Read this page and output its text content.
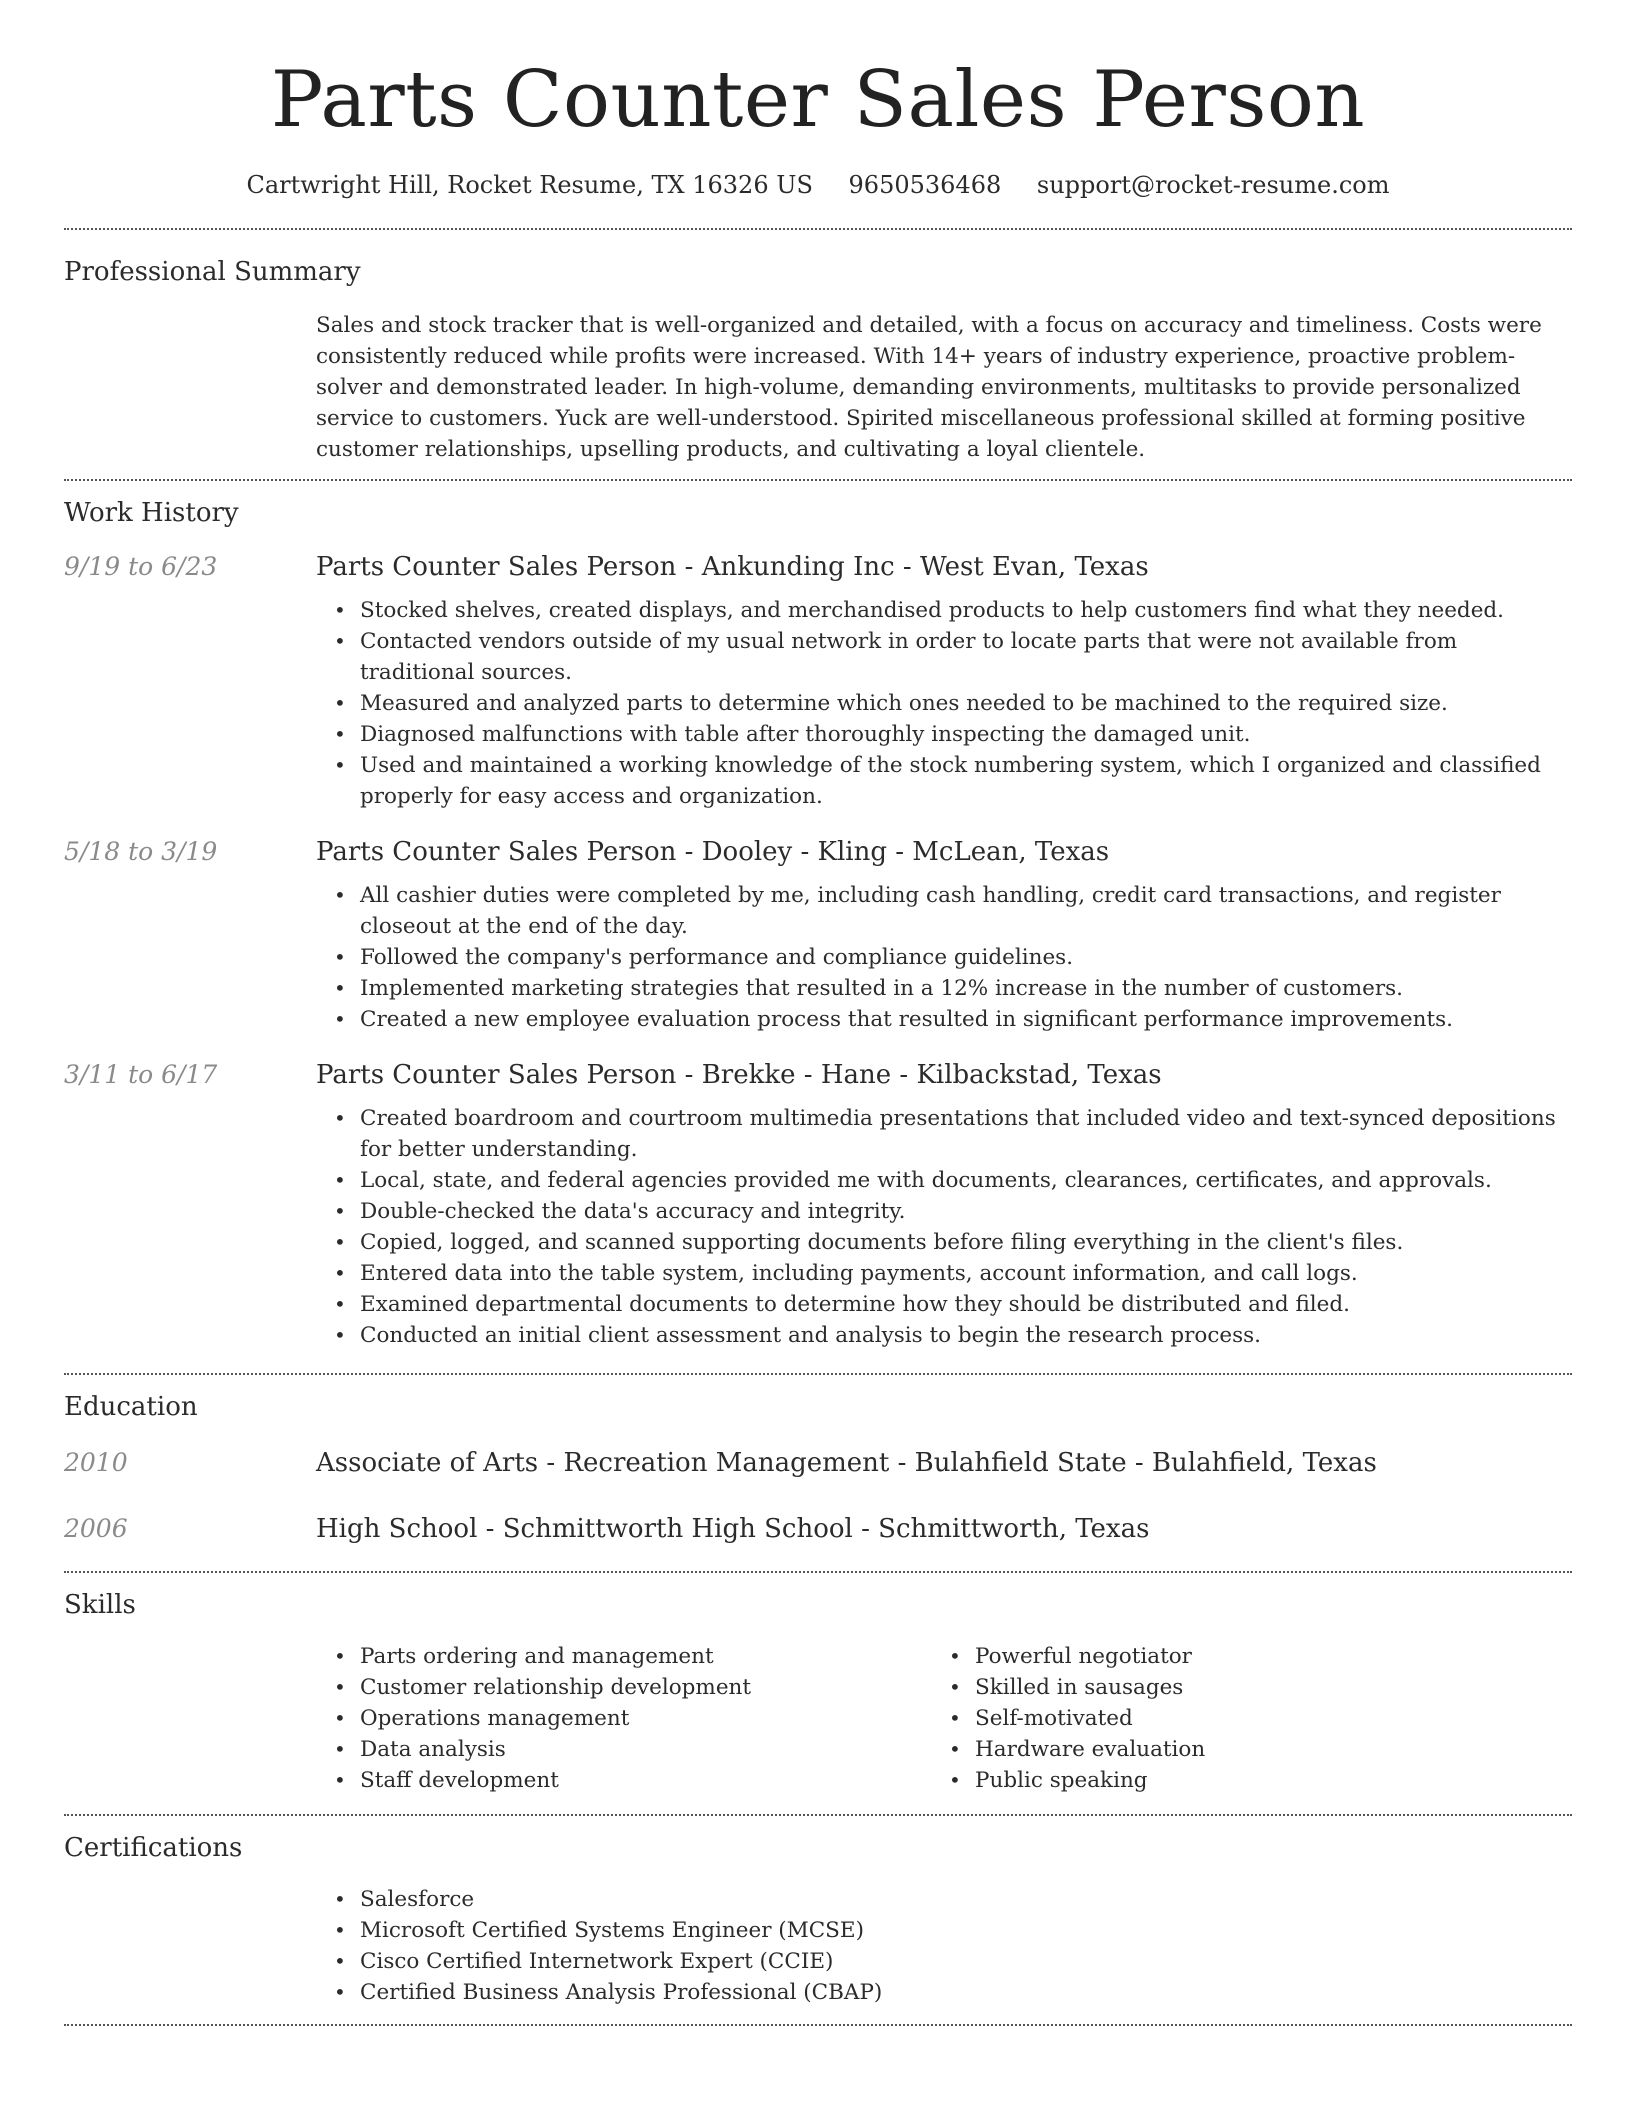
Parts Counter Sales Person
Cartwright Hill, Rocket Resume, TX 16326 US 9650536468 support@rocket-resume.com
Professional Summary

Sales and stock tracker that is well-organized and detailed, with a focus on accuracy and timeliness. Costs were consistently reduced while profits were increased. With 14+ years of industry experience, proactive problem-solver and demonstrated leader. In high-volume, demanding environments, multitasks to provide personalized service to customers. Yuck are well-understood. Spirited miscellaneous professional skilled at forming positive customer relationships, upselling products, and cultivating a loyal clientele.

Work History
9/19 to 6/23	Parts Counter Sales Person - Ankunding Inc - West Evan, Texas
• Stocked shelves, created displays, and merchandised products to help customers find what they needed.
• Contacted vendors outside of my usual network in order to locate parts that were not available from traditional sources.
• Measured and analyzed parts to determine which ones needed to be machined to the required size.
• Diagnosed malfunctions with table after thoroughly inspecting the damaged unit.
• Used and maintained a working knowledge of the stock numbering system, which I organized and classified properly for easy access and organization.
5/18 to 3/19	Parts Counter Sales Person - Dooley - Kling - McLean, Texas
• All cashier duties were completed by me, including cash handling, credit card transactions, and register closeout at the end of the day.
• Followed the company's performance and compliance guidelines.
• Implemented marketing strategies that resulted in a 12% increase in the number of customers.
• Created a new employee evaluation process that resulted in significant performance improvements.
3/11 to 6/17	Parts Counter Sales Person - Brekke - Hane - Kilbackstad, Texas
• Created boardroom and courtroom multimedia presentations that included video and text-synced depositions for better understanding.
• Local, state, and federal agencies provided me with documents, clearances, certificates, and approvals.
• Double-checked the data's accuracy and integrity.
• Copied, logged, and scanned supporting documents before filing everything in the client's files.
• Entered data into the table system, including payments, account information, and call logs.
• Examined departmental documents to determine how they should be distributed and filed.
• Conducted an initial client assessment and analysis to begin the research process.
Education
2010	Associate of Arts - Recreation Management - Bulahfield State - Bulahfield, Texas
2006	High School - Schmittworth High School - Schmittworth, Texas
Skills
• Parts ordering and management
• Customer relationship development
• Operations management
• Data analysis
• Staff development
• Powerful negotiator
• Skilled in sausages
• Self-motivated
• Hardware evaluation
• Public speaking
Certifications
• Salesforce
• Microsoft Certified Systems Engineer (MCSE)
• Cisco Certified Internetwork Expert (CCIE)
• Certified Business Analysis Professional (CBAP)
